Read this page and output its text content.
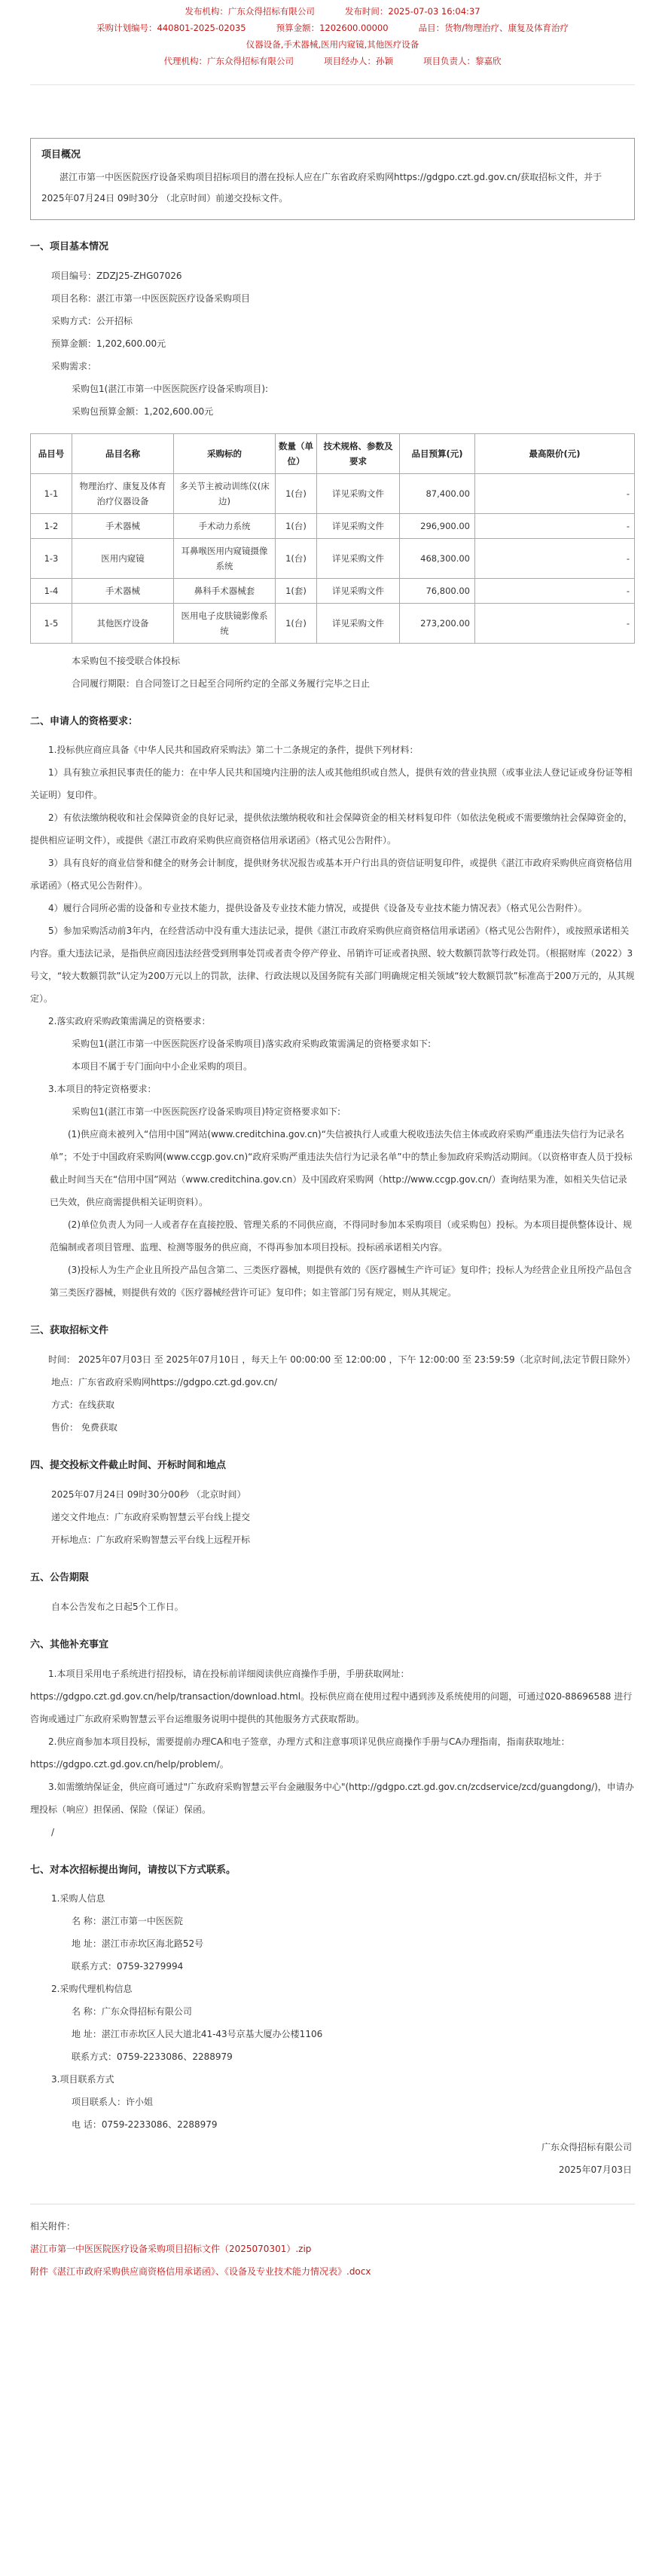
发布机构：广东众得招标有限公司	发布时间：2025-07-03 16:04:37
采购计划编号：440801-2025-02035	预算金额：1202600.00000	品目：货物/物理治疗、康复及体育治疗
仪器设备,手术器械,医用内窥镜,其他医疗设备
代理机构：广东众得招标有限公司	项目经办人：孙颖	项目负责人：黎嘉欣
项目概况

湛江市第一中医医院医疗设备采购项目招标项目的潜在投标人应在广东省政府采购网https://gdgpo.czt.gd.gov.cn/获取招标文件，并于 2025年07月24日 09时30分 （北京时间）前递交投标文件。

一、项目基本情况
项目编号：ZDZJ25-ZHG07026
项目名称：湛江市第一中医医院医疗设备采购项目
采购方式：公开招标
预算金额：1,202,600.00元
采购需求：
采购包1(湛江市第一中医医院医疗设备采购项目):
采购包预算金额：1,202,600.00元
品目号	品目名称	采购标的	数量（单位）	技术规格、参数及要求	品目预算(元)	最高限价(元)
1-1	物理治疗、康复及体育治疗仪器设备	多关节主被动训练仪(床边)	1(台)	详见采购文件	87,400.00	-
1-2	手术器械	手术动力系统	1(台)	详见采购文件	296,900.00	-
1-3	医用内窥镜	耳鼻喉医用内窥镜摄像系统	1(台)	详见采购文件	468,300.00	-
1-4	手术器械	鼻科手术器械套	1(套)	详见采购文件	76,800.00	-
1-5	其他医疗设备	医用电子皮肤镜影像系统	1(台)	详见采购文件	273,200.00	-
本采购包不接受联合体投标
合同履行期限：自合同签订之日起至合同所约定的全部义务履行完毕之日止
二、申请人的资格要求：

1.投标供应商应具备《中华人民共和国政府采购法》第二十二条规定的条件，提供下列材料：

1）具有独立承担民事责任的能力：在中华人民共和国境内注册的法人或其他组织或自然人，提供有效的营业执照（或事业法人登记证或身份证等相关证明）复印件。

2）有依法缴纳税收和社会保障资金的良好记录，提供依法缴纳税收和社会保障资金的相关材料复印件（如依法免税或不需要缴纳社会保障资金的，提供相应证明文件），或提供《湛江市政府采购供应商资格信用承诺函》（格式见公告附件）。

3）具有良好的商业信誉和健全的财务会计制度，提供财务状况报告或基本开户行出具的资信证明复印件，或提供《湛江市政府采购供应商资格信用承诺函》（格式见公告附件）。

4）履行合同所必需的设备和专业技术能力，提供设备及专业技术能力情况，或提供《设备及专业技术能力情况表》（格式见公告附件）。

5）参加采购活动前3年内，在经营活动中没有重大违法记录，提供《湛江市政府采购供应商资格信用承诺函》（格式见公告附件），或按照承诺相关内容。重大违法记录，是指供应商因违法经营受到刑事处罚或者责令停产停业、吊销许可证或者执照、较大数额罚款等行政处罚。（根据财库（2022）3号文，“较大数额罚款”认定为200万元以上的罚款，法律、行政法规以及国务院有关部门明确规定相关领域“较大数额罚款”标准高于200万元的，从其规定）。

2.落实政府采购政策需满足的资格要求：

采购包1(湛江市第一中医医院医疗设备采购项目)落实政府采购政策需满足的资格要求如下:
本项目不属于专门面向中小企业采购的项目。

3.本项目的特定资格要求：

采购包1(湛江市第一中医医院医疗设备采购项目)特定资格要求如下:

(1)供应商未被列入“信用中国”网站(www.creditchina.gov.cn)“失信被执行人或重大税收违法失信主体或政府采购严重违法失信行为记录名单”；不处于中国政府采购网(www.ccgp.gov.cn)“政府采购严重违法失信行为记录名单”中的禁止参加政府采购活动期间。（以资格审查人员于投标截止时间当天在“信用中国”网站（www.creditchina.gov.cn）及中国政府采购网（http://www.ccgp.gov.cn/）查询结果为准，如相关失信记录已失效，供应商需提供相关证明资料）。

(2)单位负责人为同一人或者存在直接控股、管理关系的不同供应商，不得同时参加本采购项目（或采购包）投标。为本项目提供整体设计、规范编制或者项目管理、监理、检测等服务的供应商，不得再参加本项目投标。投标函承诺相关内容。

(3)投标人为生产企业且所投产品包含第二、三类医疗器械，则提供有效的《医疗器械生产许可证》复印件；投标人为经营企业且所投产品包含第三类医疗器械，则提供有效的《医疗器械经营许可证》复印件；如主管部门另有规定，则从其规定。

三、获取招标文件

时间： 2025年07月03日 至 2025年07月10日 ，每天上午 00:00:00 至 12:00:00 ，下午 12:00:00 至 23:59:59（北京时间,法定节假日除外）

地点：广东省政府采购网https://gdgpo.czt.gd.gov.cn/
方式：在线获取
售价： 免费获取
四、提交投标文件截止时间、开标时间和地点
2025年07月24日 09时30分00秒 （北京时间）
递交文件地点：广东政府采购智慧云平台线上提交
开标地点：广东政府采购智慧云平台线上远程开标
五、公告期限
自本公告发布之日起5个工作日。
六、其他补充事宜

1.本项目采用电子系统进行招投标，请在投标前详细阅读供应商操作手册，手册获取网址：https://gdgpo.czt.gd.gov.cn/help/transaction/download.html。投标供应商在使用过程中遇到涉及系统使用的问题，可通过020-88696588 进行咨询或通过广东政府采购智慧云平台运维服务说明中提供的其他服务方式获取帮助。

2.供应商参加本项目投标，需要提前办理CA和电子签章，办理方式和注意事项详见供应商操作手册与CA办理指南，指南获取地址：https://gdgpo.czt.gd.gov.cn/help/problem/。

3.如需缴纳保证金，供应商可通过"广东政府采购智慧云平台金融服务中心"(http://gdgpo.czt.gd.gov.cn/zcdservice/zcd/guangdong/)，申请办理投标（响应）担保函、保险（保证）保函。

/
七、对本次招标提出询问，请按以下方式联系。
1.采购人信息
名 称：湛江市第一中医医院
地 址：湛江市赤坎区海北路52号
联系方式：0759-3279994
2.采购代理机构信息
名 称：广东众得招标有限公司
地 址：湛江市赤坎区人民大道北41-43号京基大厦办公楼1106
联系方式：0759-2233086、2288979
3.项目联系方式
项目联系人：许小姐
电 话：0759-2233086、2288979
广东众得招标有限公司
2025年07月03日
相关附件：
湛江市第一中医医院医疗设备采购项目招标文件（2025070301）.zip
附件《湛江市政府采购供应商资格信用承诺函》、《设备及专业技术能力情况表》.docx
